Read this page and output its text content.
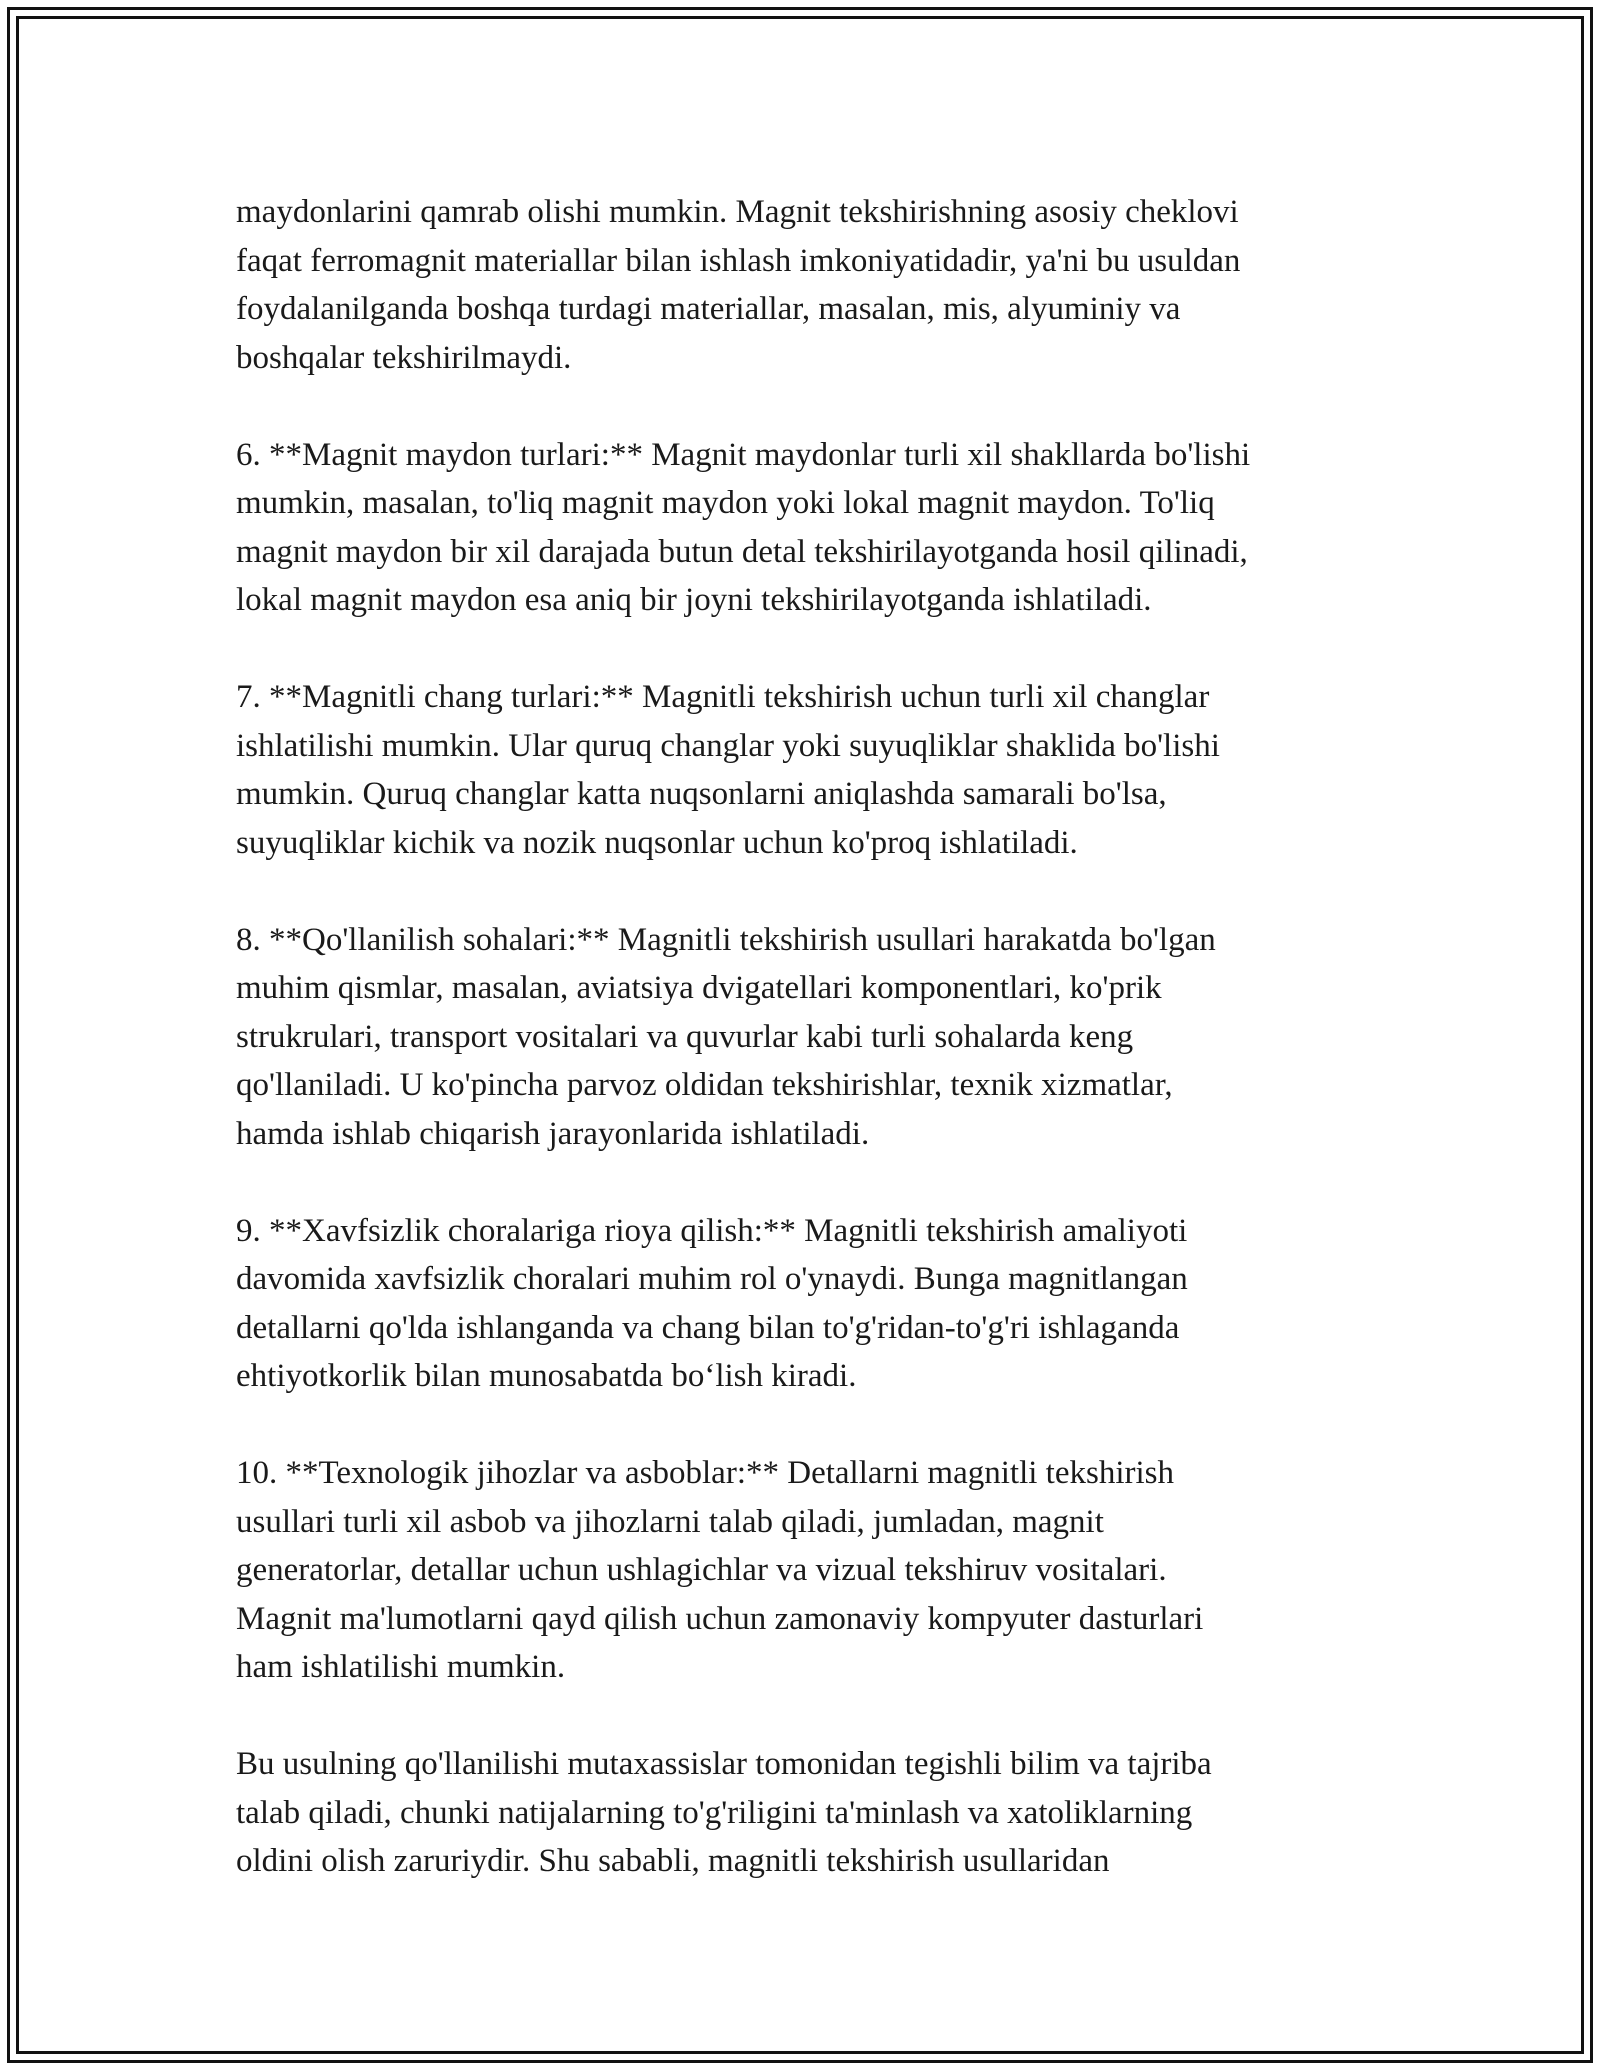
maydonlarini qamrab olishi mumkin. Magnit tekshirishning asosiy cheklovi
faqat ferromagnit materiallar bilan ishlash imkoniyatidadir, ya'ni bu usuldan
foydalanilganda boshqa turdagi materiallar, masalan, mis, alyuminiy va
boshqalar tekshirilmaydi.

6. **Magnit maydon turlari:** Magnit maydonlar turli xil shakllarda bo'lishi
mumkin, masalan, to'liq magnit maydon yoki lokal magnit maydon. To'liq
magnit maydon bir xil darajada butun detal tekshirilayotganda hosil qilinadi,
lokal magnit maydon esa aniq bir joyni tekshirilayotganda ishlatiladi.

7. **Magnitli chang turlari:** Magnitli tekshirish uchun turli xil changlar
ishlatilishi mumkin. Ular quruq changlar yoki suyuqliklar shaklida bo'lishi
mumkin. Quruq changlar katta nuqsonlarni aniqlashda samarali bo'lsa,
suyuqliklar kichik va nozik nuqsonlar uchun ko'proq ishlatiladi.

8. **Qo'llanilish sohalari:** Magnitli tekshirish usullari harakatda bo'lgan
muhim qismlar, masalan, aviatsiya dvigatellari komponentlari, ko'prik
strukrulari, transport vositalari va quvurlar kabi turli sohalarda keng
qo'llaniladi. U ko'pincha parvoz oldidan tekshirishlar, texnik xizmatlar,
hamda ishlab chiqarish jarayonlarida ishlatiladi.

9. **Xavfsizlik choralariga rioya qilish:** Magnitli tekshirish amaliyoti
davomida xavfsizlik choralari muhim rol o'ynaydi. Bunga magnitlangan
detallarni qo'lda ishlanganda va chang bilan to'g'ridan-to'g'ri ishlaganda
ehtiyotkorlik bilan munosabatda bo‘lish kiradi.

10. **Texnologik jihozlar va asboblar:** Detallarni magnitli tekshirish
usullari turli xil asbob va jihozlarni talab qiladi, jumladan, magnit
generatorlar, detallar uchun ushlagichlar va vizual tekshiruv vositalari.
Magnit ma'lumotlarni qayd qilish uchun zamonaviy kompyuter dasturlari
ham ishlatilishi mumkin.

Bu usulning qo'llanilishi mutaxassislar tomonidan tegishli bilim va tajriba
talab qiladi, chunki natijalarning to'g'riligini ta'minlash va xatoliklarning
oldini olish zaruriydir. Shu sababli, magnitli tekshirish usullaridan
